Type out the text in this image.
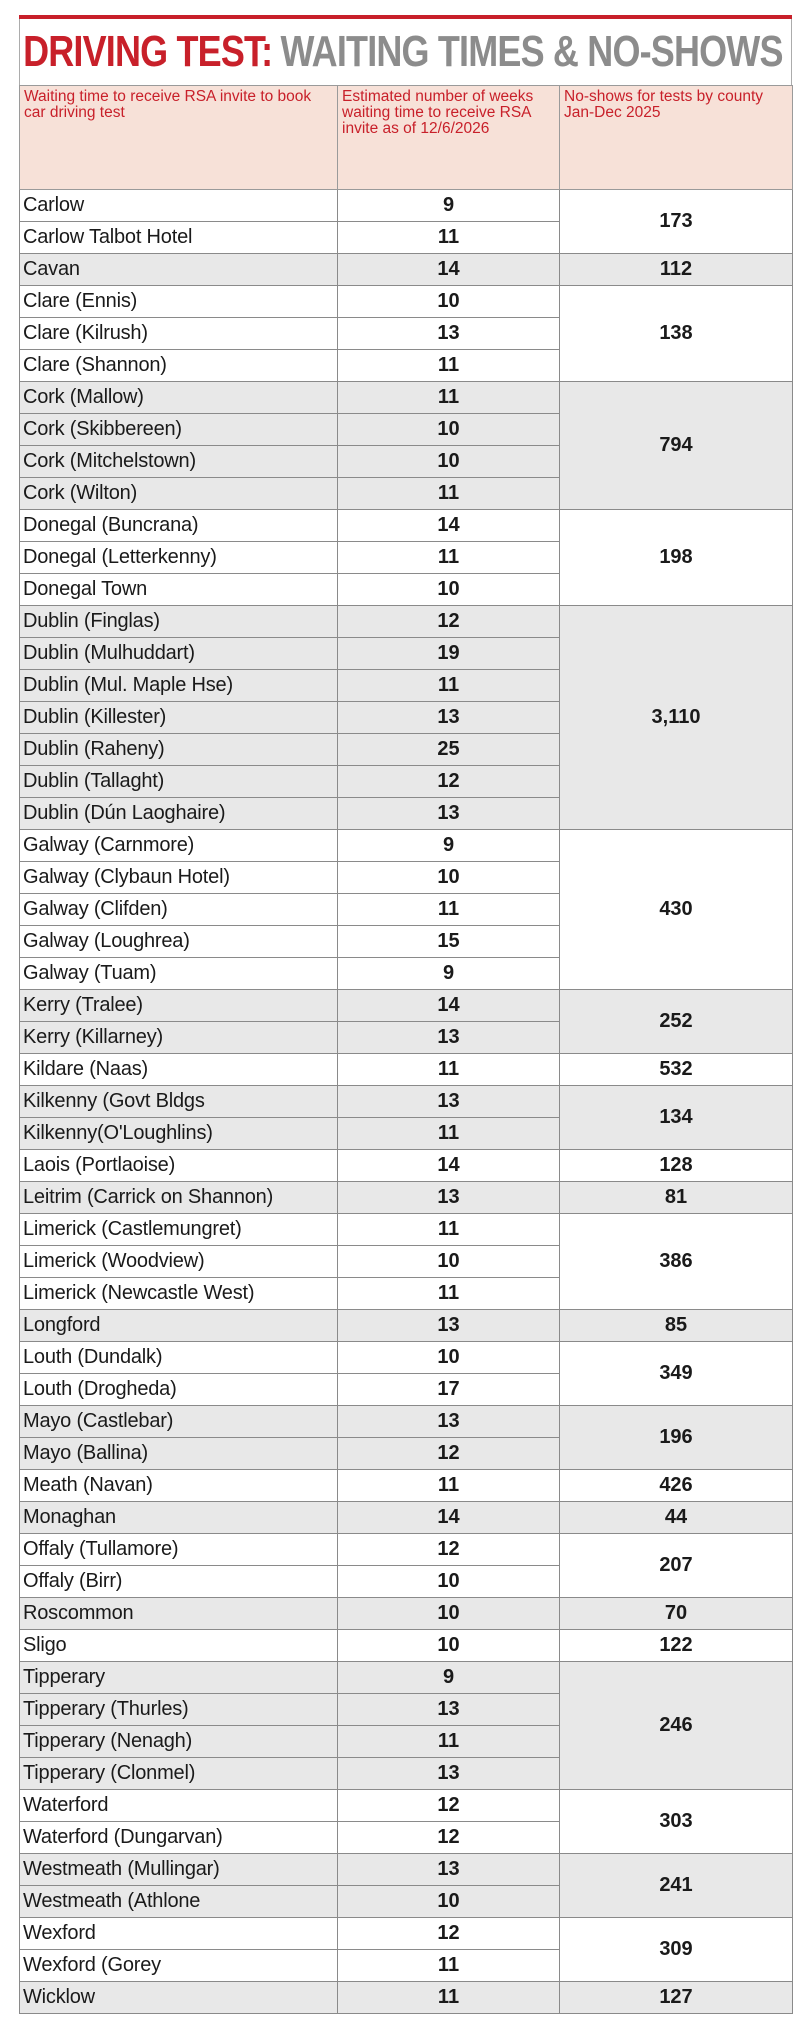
DRIVING TEST: WAITING TIMES & NO-SHOWS
Waiting time to receive RSA invite to book car driving test	Estimated number of weeks waiting time to receive RSA invite as of 12/6/2026	No-shows for tests by county Jan-Dec 2025
Carlow	9	173
Carlow Talbot Hotel	11	
Cavan	14	112
Clare (Ennis)	10	138
Clare (Kilrush)	13	
Clare (Shannon)	11	
Cork (Mallow)	11	794
Cork (Skibbereen)	10	
Cork (Mitchelstown)	10	
Cork (Wilton)	11	
Donegal (Buncrana)	14	198
Donegal (Letterkenny)	11	
Donegal Town	10	
Dublin (Finglas)	12	3,110
Dublin (Mulhuddart)	19	
Dublin (Mul. Maple Hse)	11	
Dublin (Killester)	13	
Dublin (Raheny)	25	
Dublin (Tallaght)	12	
Dublin (Dún Laoghaire)	13	
Galway (Carnmore)	9	430
Galway (Clybaun Hotel)	10	
Galway (Clifden)	11	
Galway (Loughrea)	15	
Galway (Tuam)	9	
Kerry (Tralee)	14	252
Kerry (Killarney)	13	
Kildare (Naas)	11	532
Kilkenny (Govt Bldgs	13	134
Kilkenny(O'Loughlins)	11	
Laois (Portlaoise)	14	128
Leitrim (Carrick on Shannon)	13	81
Limerick (Castlemungret)	11	386
Limerick (Woodview)	10	
Limerick (Newcastle West)	11	
Longford	13	85
Louth (Dundalk)	10	349
Louth (Drogheda)	17	
Mayo (Castlebar)	13	196
Mayo (Ballina)	12	
Meath (Navan)	11	426
Monaghan	14	44
Offaly (Tullamore)	12	207
Offaly (Birr)	10	
Roscommon	10	70
Sligo	10	122
Tipperary	9	246
Tipperary (Thurles)	13	
Tipperary (Nenagh)	11	
Tipperary (Clonmel)	13	
Waterford	12	303
Waterford (Dungarvan)	12	
Westmeath (Mullingar)	13	241
Westmeath (Athlone	10	
Wexford	12	309
Wexford (Gorey	11	
Wicklow	11	127
